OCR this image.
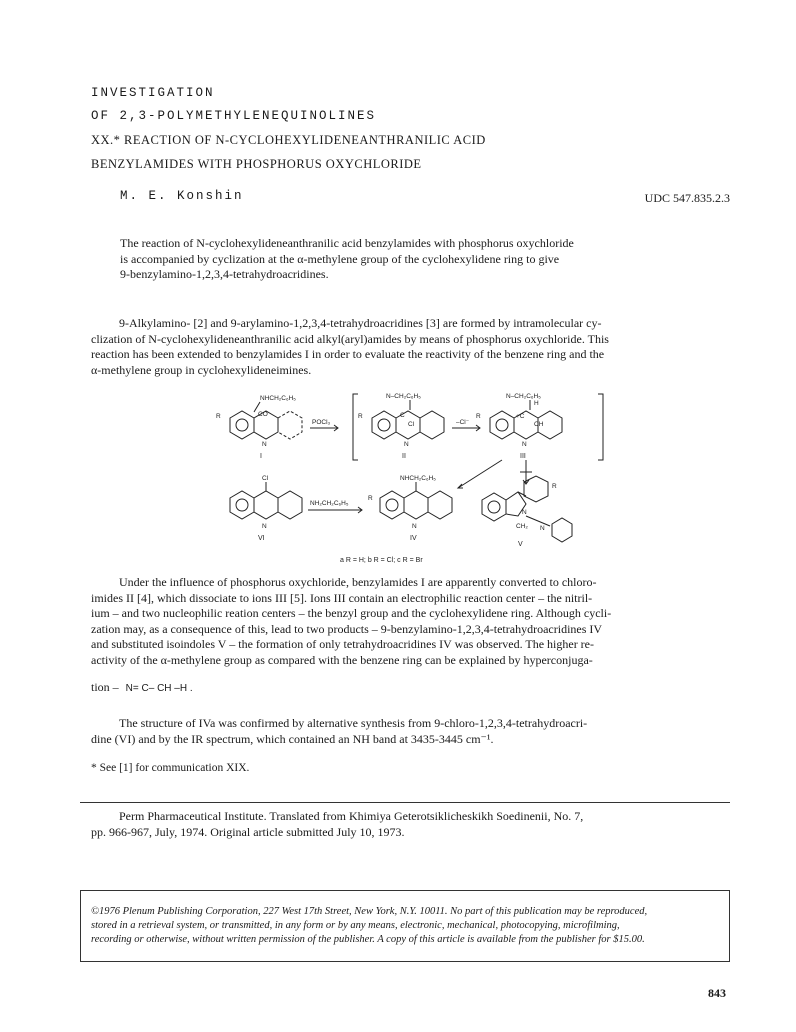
INVESTIGATION
OF 2,3-POLYMETHYLENEQUINOLINES
XX.* REACTION OF N-CYCLOHEXYLIDENEANTHRANILIC ACID
BENZYLAMIDES WITH PHOSPHORUS OXYCHLORIDE
M. E. Konshin	UDC 547.835.2.3
The reaction of N-cyclohexylideneanthranilic acid benzylamides with phosphorus oxychloride
is accompanied by cyclization at the α-methylene group of the cyclohexylidene ring to give
9-benzylamino-1,2,3,4-tetrahydroacridines.
9-Alkylamino- [2] and 9-arylamino-1,2,3,4-tetrahydroacridines [3] are formed by intramolecular cy-
clization of N-cyclohexylideneanthranilic acid alkyl(aryl)amides by means of phosphorus oxychloride. This
reaction has been extended to benzylamides I in order to evaluate the reactivity of the benzene ring and the
α-methylene group in cyclohexylideneimines.
NHCH₂C₆H₅
CO
R
N
POCl₃
N–CH₂C₆H₅
C
Cl
R
N
–Cl⁻
N–CH₂C₆H₅
H
+C
CH
R
N
Cl
N
NH₂CH₂C₆H₅
NHCH₂C₆H₅
R
N
R
N
CH₂ N
I	II	III
VI	IV
V
a R = H; b R = Cl; c R = Br
Under the influence of phosphorus oxychloride, benzylamides I are apparently converted to chloro-
imides II [4], which dissociate to ions III [5]. Ions III contain an electrophilic reaction center – the nitril-
ium – and two nucleophilic reation centers – the benzyl group and the cyclohexylidene ring. Although cycli-
zation may, as a consequence of this, lead to two products – 9-benzylamino-1,2,3,4-tetrahydroacridines IV
and substituted isoindoles V – the formation of only tetrahydroacridines IV was observed. The higher re-
activity of the α-methylene group as compared with the benzene ring can be explained by hyperconjuga-
tion – N= C– CH –H .
The structure of IVa was confirmed by alternative synthesis from 9-chloro-1,2,3,4-tetrahydroacri-
dine (VI) and by the IR spectrum, which contained an NH band at 3435-3445 cm⁻¹.
* See [1] for communication XIX.
Perm Pharmaceutical Institute. Translated from Khimiya Geterotsiklicheskikh Soedinenii, No. 7,
pp. 966-967, July, 1974. Original article submitted July 10, 1973.
©1976 Plenum Publishing Corporation, 227 West 17th Street, New York, N.Y. 10011. No part of this publication may be reproduced,
stored in a retrieval system, or transmitted, in any form or by any means, electronic, mechanical, photocopying, microfilming,
recording or otherwise, without written permission of the publisher. A copy of this article is available from the publisher for $15.00.
843
